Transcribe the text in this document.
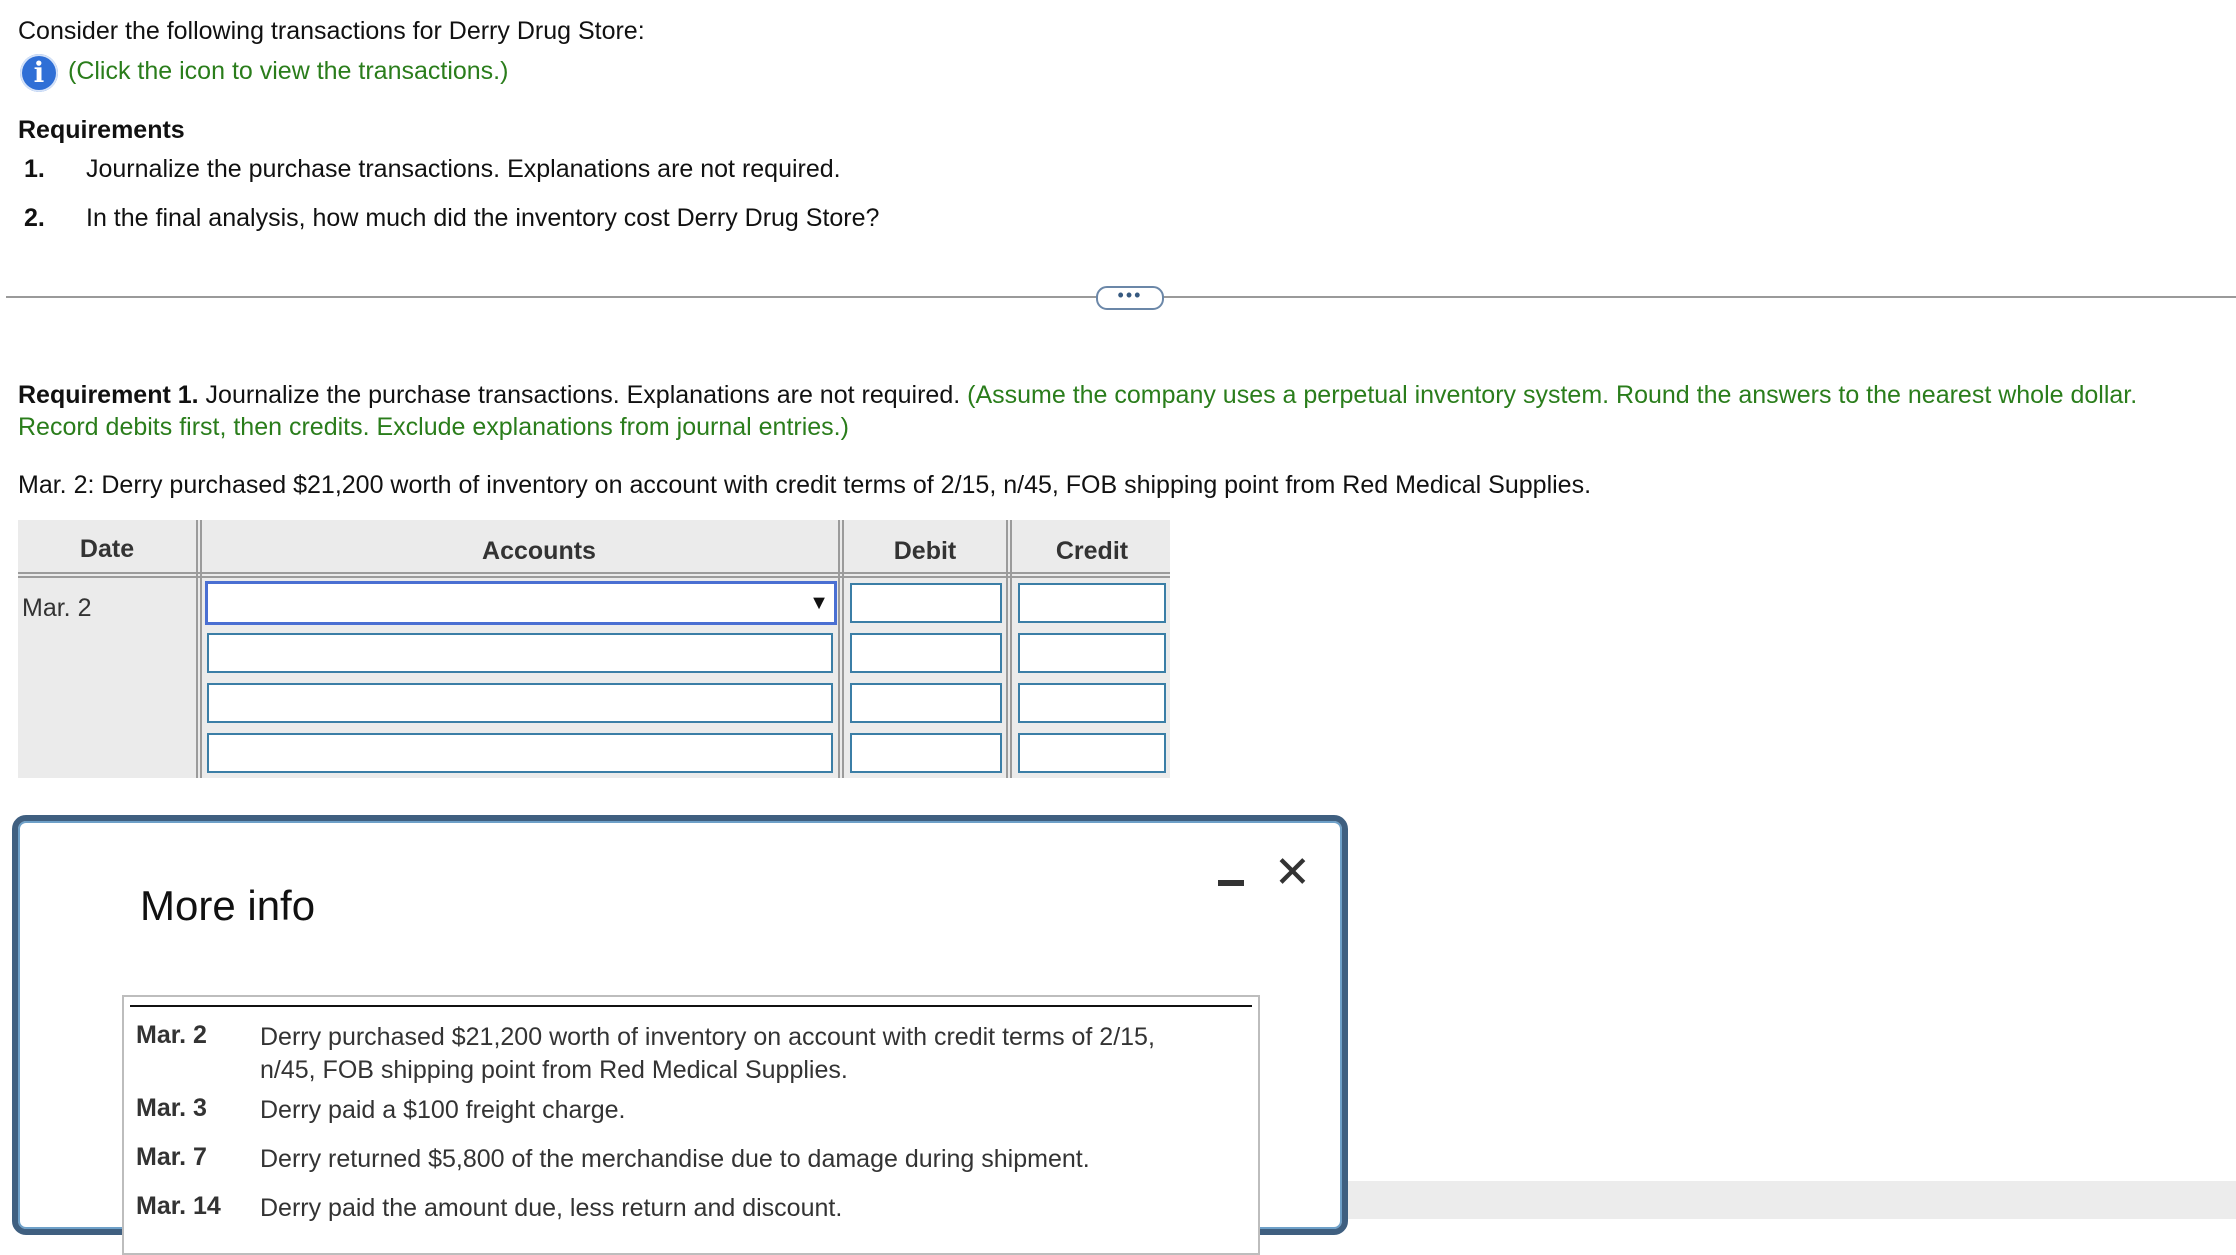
Consider the following transactions for Derry Drug Store:
i (Click the icon to view the transactions.)
Requirements
1. Journalize the purchase transactions. Explanations are not required.
2. In the final analysis, how much did the inventory cost Derry Drug Store?
•••
Requirement 1. Journalize the purchase transactions. Explanations are not required. (Assume the company uses a perpetual inventory system. Round the answers to the nearest whole dollar.
Record debits first, then credits. Exclude explanations from journal entries.)
Mar. 2: Derry purchased $21,200 worth of inventory on account with credit terms of 2/15, n/45, FOB shipping point from Red Medical Supplies.
Date	Accounts	Debit	Credit
Mar. 2	▼
More info
✕
Mar. 2 Derry purchased $21,200 worth of inventory on account with credit terms of 2/15,
n/45, FOB shipping point from Red Medical Supplies.
Mar. 3 Derry paid a $100 freight charge.
Mar. 7 Derry returned $5,800 of the merchandise due to damage during shipment.
Mar. 14 Derry paid the amount due, less return and discount.
